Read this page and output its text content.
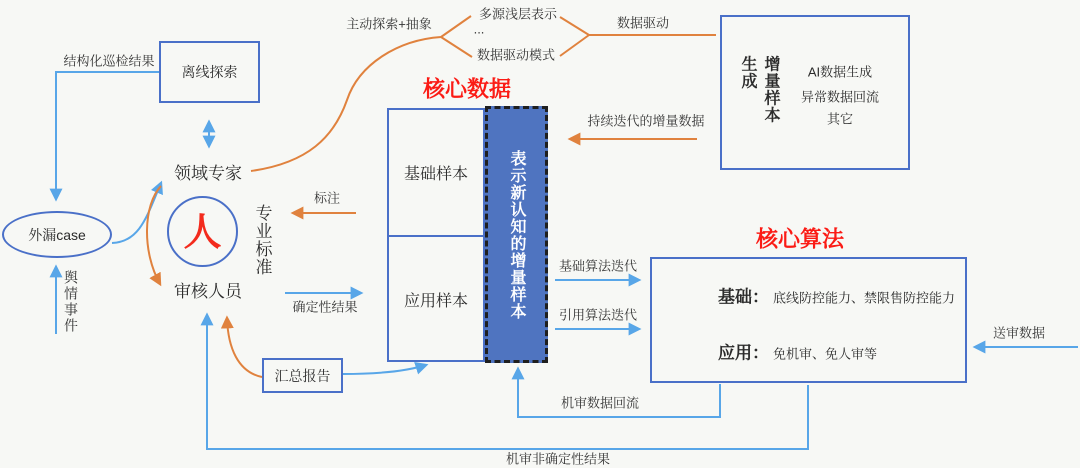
离线探索
外漏case	人
汇总报告
基础样本
应用样本	表示新认知的增量样本
增量样本生成	AI数据生成
异常数据回流
其它
基础： 底线防控能力、禁限售防控能力
应用： 免机审、免人审等
结构化巡检结果
舆情事件
领域专家
专业标准
审核人员
标注
确定性结果
主动探索+抽象
多源浅层表示
...
数据驱动模式
数据驱动
核心数据
持续迭代的增量数据
核心算法
基础算法迭代
引用算法迭代
送审数据
机审数据回流
机审非确定性结果
